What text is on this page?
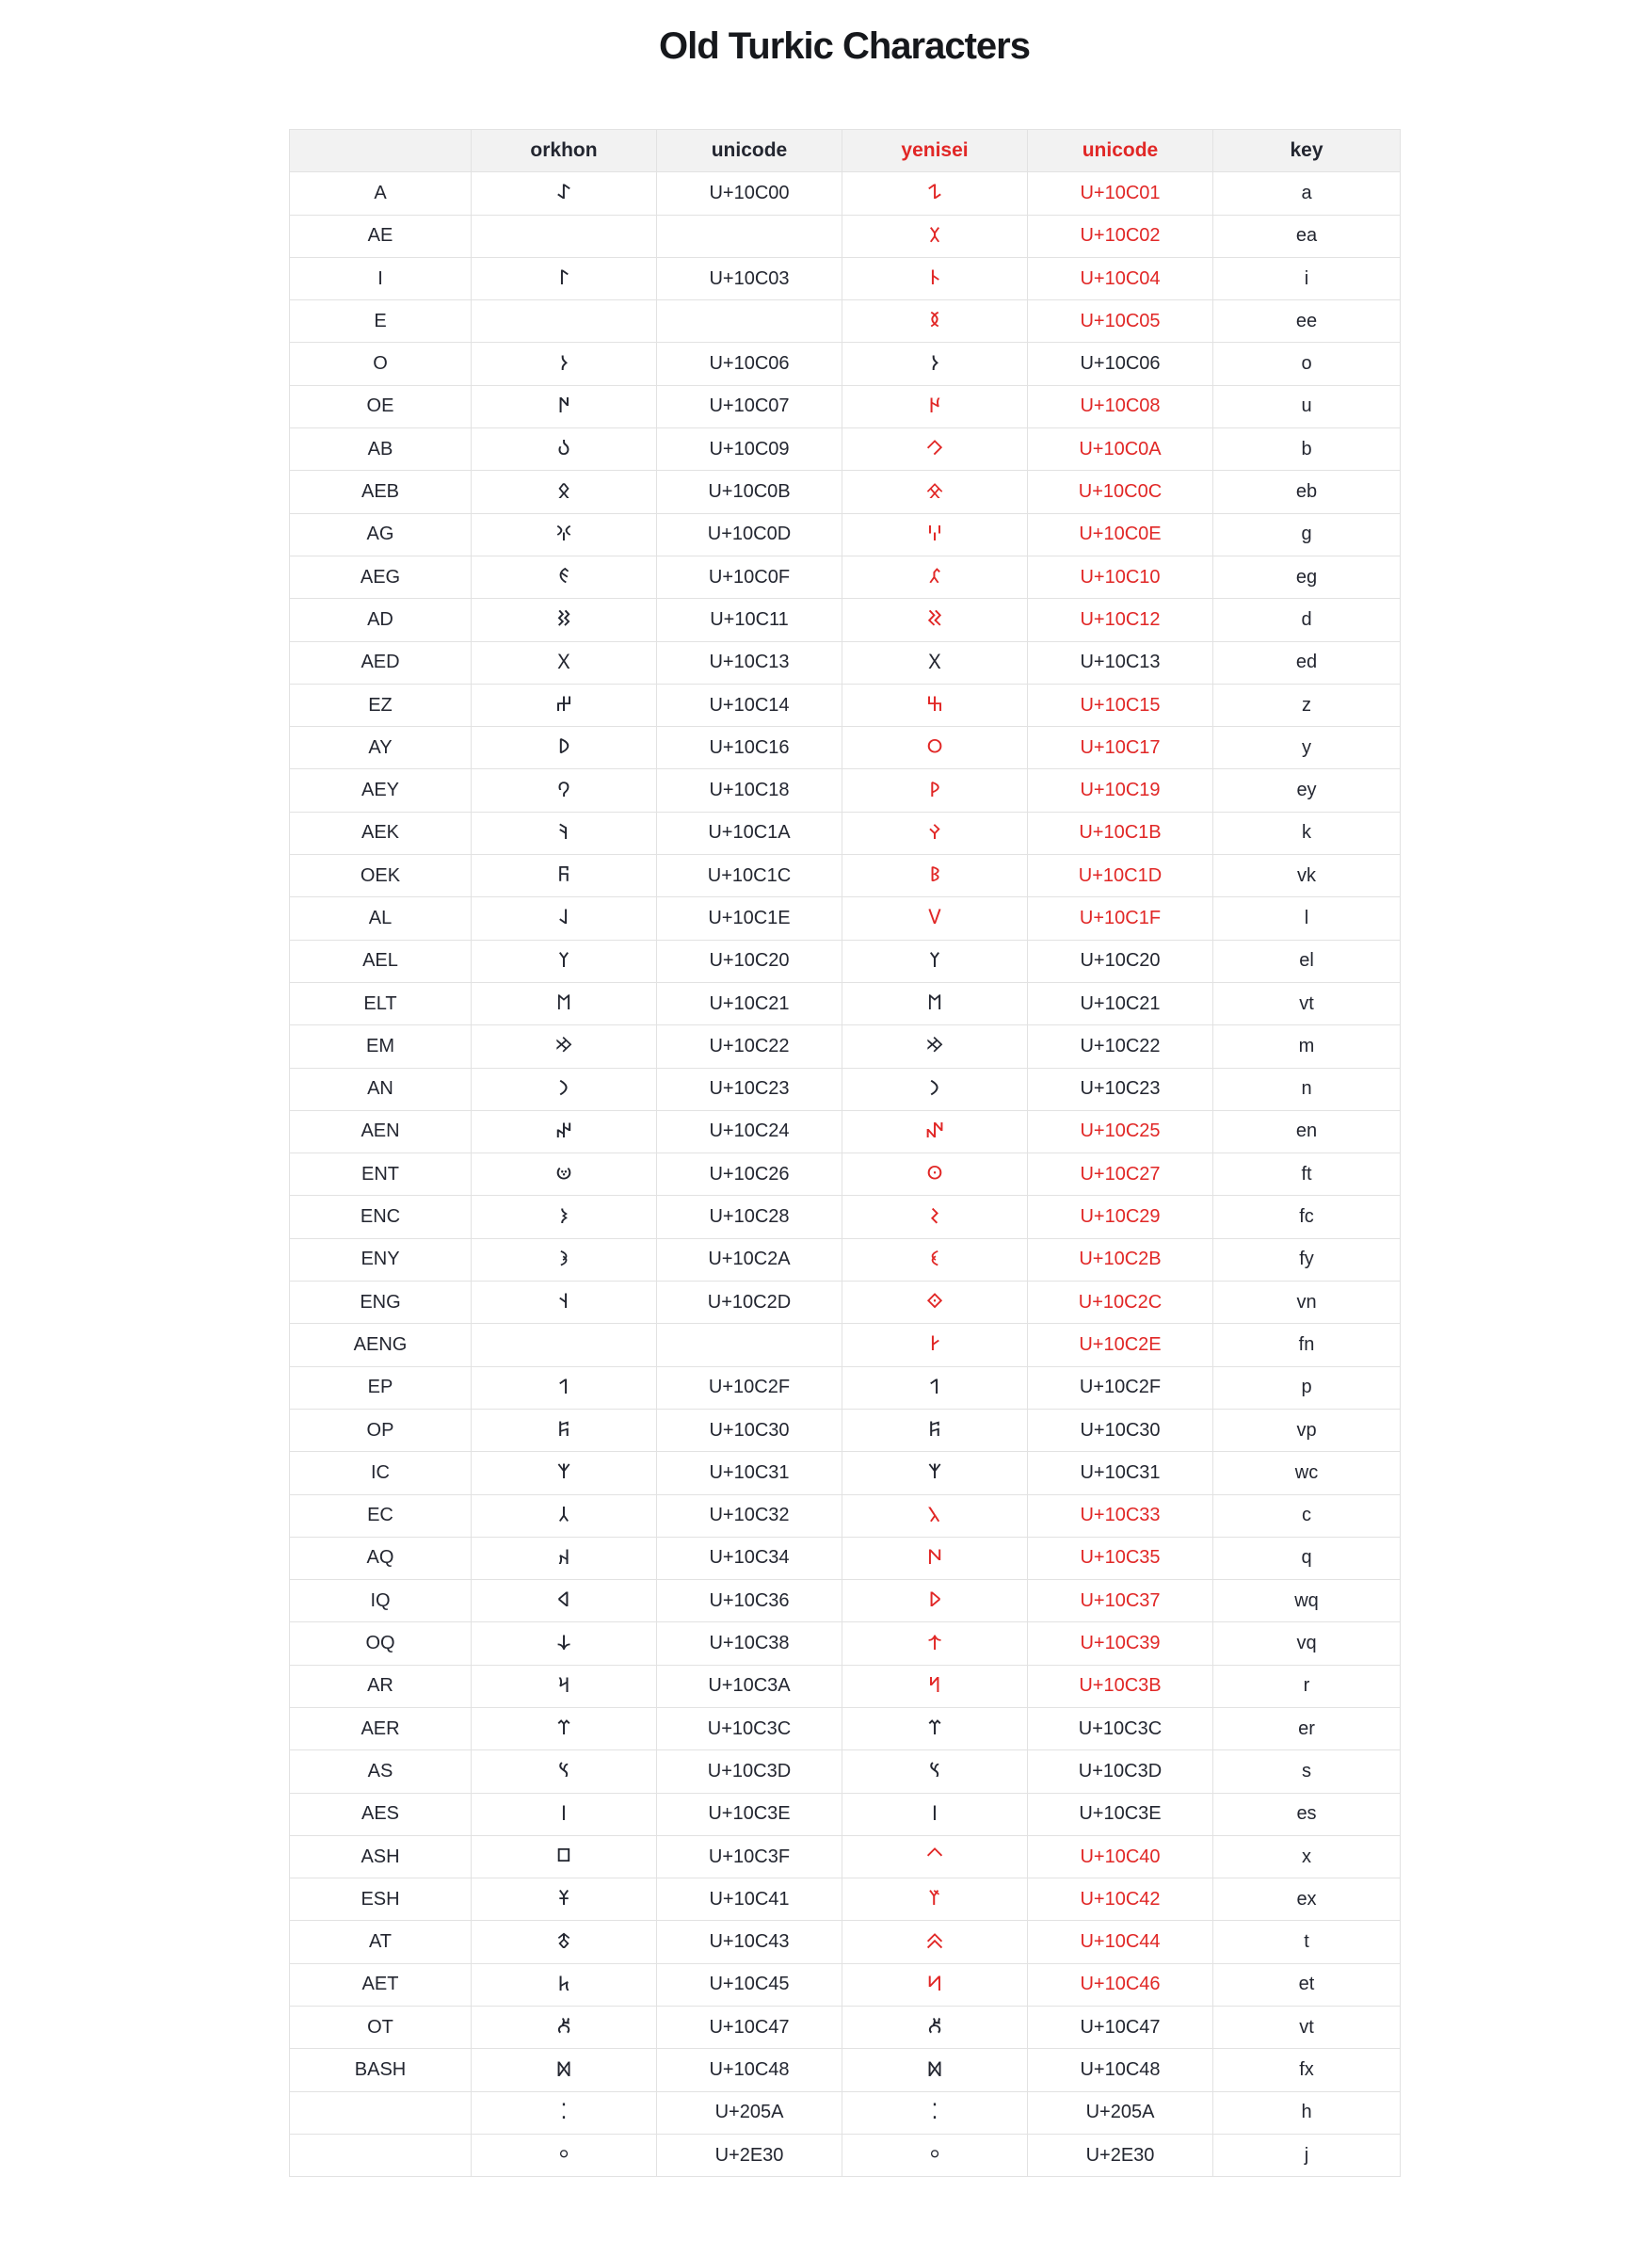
Old Turkic Characters
	orkhon	unicode	yenisei	unicode	key
A	𐰀	U+10C00	𐰁	U+10C01	a
AE			𐰂	U+10C02	ea
I	𐰃	U+10C03	𐰄	U+10C04	i
E			𐰅	U+10C05	ee
O	𐰆	U+10C06	𐰆	U+10C06	o
OE	𐰇	U+10C07	𐰈	U+10C08	u
AB	𐰉	U+10C09	𐰊	U+10C0A	b
AEB	𐰋	U+10C0B	𐰌	U+10C0C	eb
AG	𐰍	U+10C0D	𐰎	U+10C0E	g
AEG	𐰏	U+10C0F	𐰐	U+10C10	eg
AD	𐰑	U+10C11	𐰒	U+10C12	d
AED	𐰓	U+10C13	𐰓	U+10C13	ed
EZ	𐰔	U+10C14	𐰕	U+10C15	z
AY	𐰖	U+10C16	𐰗	U+10C17	y
AEY	𐰘	U+10C18	𐰙	U+10C19	ey
AEK	𐰚	U+10C1A	𐰛	U+10C1B	k
OEK	𐰜	U+10C1C	𐰝	U+10C1D	vk
AL	𐰞	U+10C1E	𐰟	U+10C1F	l
AEL	𐰠	U+10C20	𐰠	U+10C20	el
ELT	𐰡	U+10C21	𐰡	U+10C21	vt
EM	𐰢	U+10C22	𐰢	U+10C22	m
AN	𐰣	U+10C23	𐰣	U+10C23	n
AEN	𐰤	U+10C24	𐰥	U+10C25	en
ENT	𐰦	U+10C26	𐰧	U+10C27	ft
ENC	𐰨	U+10C28	𐰩	U+10C29	fc
ENY	𐰪	U+10C2A	𐰫	U+10C2B	fy
ENG	𐰭	U+10C2D	𐰬	U+10C2C	vn
AENG			𐰮	U+10C2E	fn
EP	𐰯	U+10C2F	𐰯	U+10C2F	p
OP	𐰰	U+10C30	𐰰	U+10C30	vp
IC	𐰱	U+10C31	𐰱	U+10C31	wc
EC	𐰲	U+10C32	𐰳	U+10C33	c
AQ	𐰴	U+10C34	𐰵	U+10C35	q
IQ	𐰶	U+10C36	𐰷	U+10C37	wq
OQ	𐰸	U+10C38	𐰹	U+10C39	vq
AR	𐰺	U+10C3A	𐰻	U+10C3B	r
AER	𐰼	U+10C3C	𐰼	U+10C3C	er
AS	𐰽	U+10C3D	𐰽	U+10C3D	s
AES	𐰾	U+10C3E	𐰾	U+10C3E	es
ASH	𐰿	U+10C3F	𐱀	U+10C40	x
ESH	𐱁	U+10C41	𐱂	U+10C42	ex
AT	𐱃	U+10C43	𐱄	U+10C44	t
AET	𐱅	U+10C45	𐱆	U+10C46	et
OT	𐱇	U+10C47	𐱇	U+10C47	vt
BASH	𐱈	U+10C48	𐱈	U+10C48	fx
	⁚	U+205A	⁚	U+205A	h
	⸰	U+2E30	⸰	U+2E30	j
